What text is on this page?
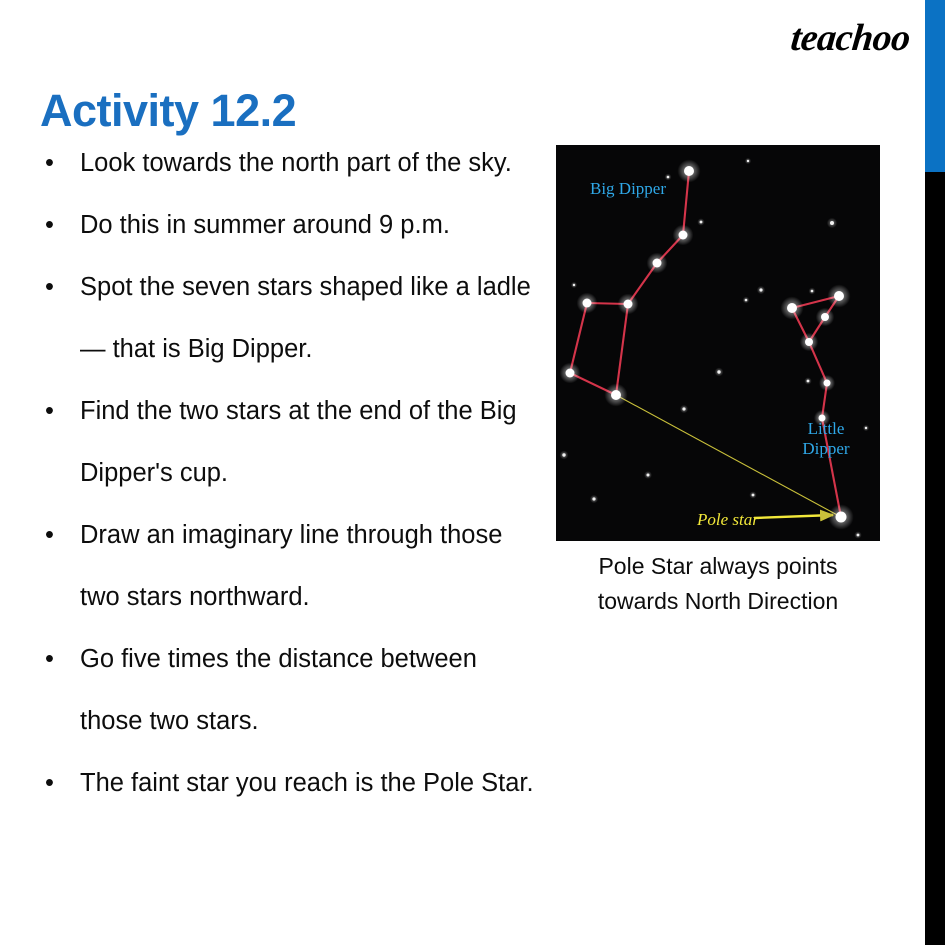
teachoo
Activity 12.2
• Look towards the north part of the sky.
• Do this in summer around 9 p.m.
• Spot the seven stars shaped like a ladle — that is Big Dipper.
• Find the two stars at the end of the Big Dipper's cup.
• Draw an imaginary line through those two stars northward.
• Go five times the distance between those two stars.
• The faint star you reach is the Pole Star.
Big Dipper
Little
Dipper
Pole star
Pole Star always points towards North Direction
